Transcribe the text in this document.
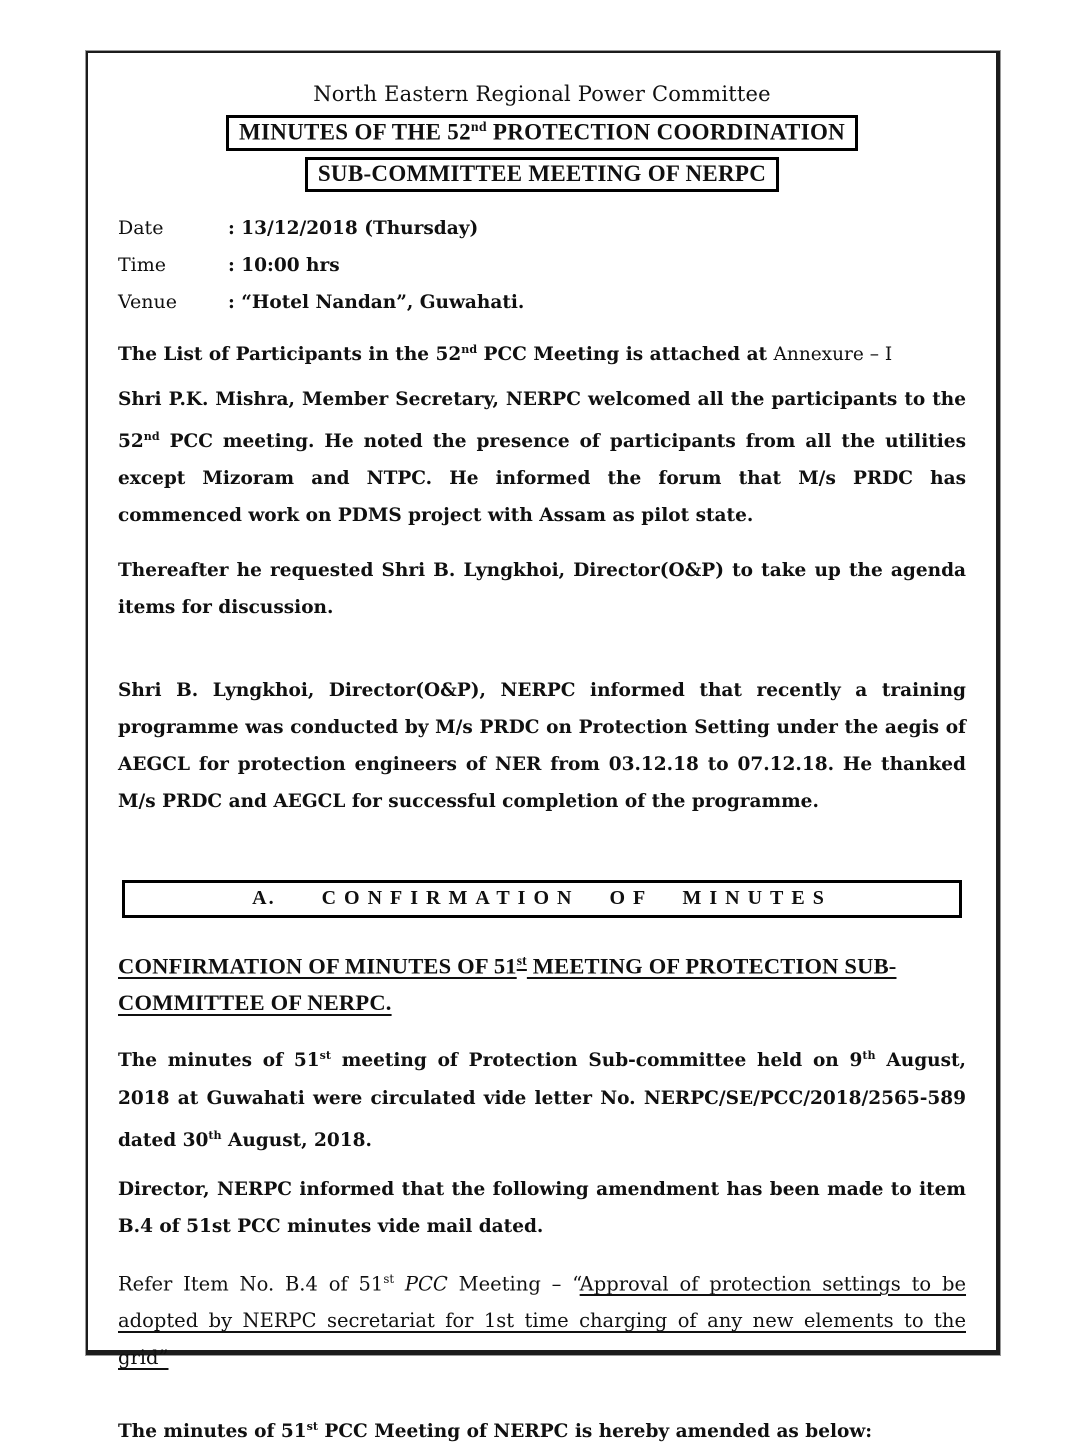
North Eastern Regional Power Committee
MINUTES OF THE 52nd PROTECTION COORDINATION
SUB-COMMITTEE MEETING OF NERPC
Date	: 13/12/2018 (Thursday)
Time	: 10:00 hrs
Venue	: “Hotel Nandan”, Guwahati.
The List of Participants in the 52nd PCC Meeting is attached at Annexure – I
Shri P.K. Mishra, Member Secretary, NERPC welcomed all the participants to the 52nd PCC meeting. He noted the presence of participants from all the utilities except Mizoram and NTPC. He informed the forum that M/s PRDC has commenced work on PDMS project with Assam as pilot state.
Thereafter he requested Shri B. Lyngkhoi, Director(O&P) to take up the agenda items for discussion.
Shri B. Lyngkhoi, Director(O&P), NERPC informed that recently a training programme was conducted by M/s PRDC on Protection Setting under the aegis of AEGCL for protection engineers of NER from 03.12.18 to 07.12.18. He thanked M/s PRDC and AEGCL for successful completion of the programme.
A. CONFIRMATION OF MINUTES
CONFIRMATION OF MINUTES OF 51st MEETING OF PROTECTION SUB-COMMITTEE OF NERPC.
The minutes of 51st meeting of Protection Sub-committee held on 9th August, 2018 at Guwahati were circulated vide letter No. NERPC/SE/PCC/2018/2565-589 dated 30th August, 2018.
Director, NERPC informed that the following amendment has been made to item B.4 of 51st PCC minutes vide mail dated.
Refer Item No. B.4 of 51st PCC Meeting – “Approval of protection settings to be adopted by NERPC secretariat for 1st time charging of any new elements to the grid”
The minutes of 51st PCC Meeting of NERPC is hereby amended as below:
